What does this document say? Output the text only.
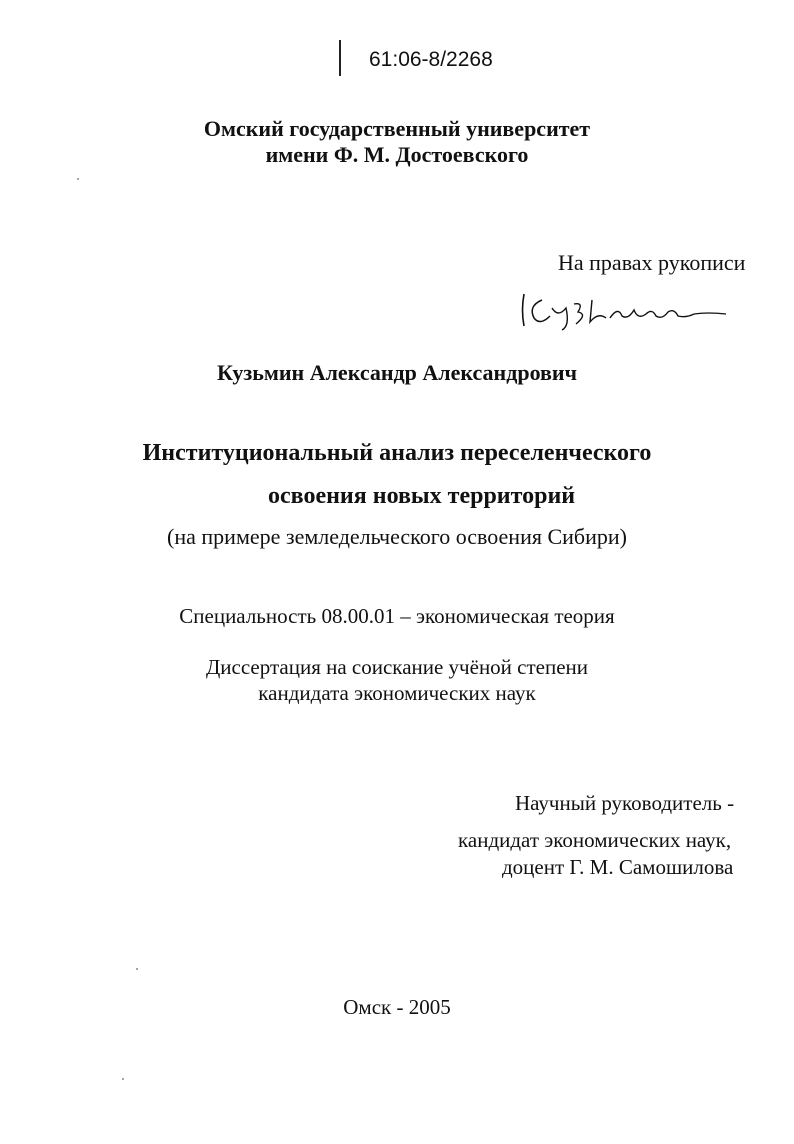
61:06-8/2268
Омский государственный университет
имени Ф. М. Достоевского
На правах рукописи
Кузьмин Александр Александрович
Институциональный анализ переселенческого
освоения новых территорий
(на примере земледельческого освоения Сибири)
Специальность 08.00.01 – экономическая теория
Диссертация на соискание учёной степени
кандидата экономических наук
Научный руководитель -
кандидат экономических наук,
доцент Г. М. Самошилова
Омск - 2005
